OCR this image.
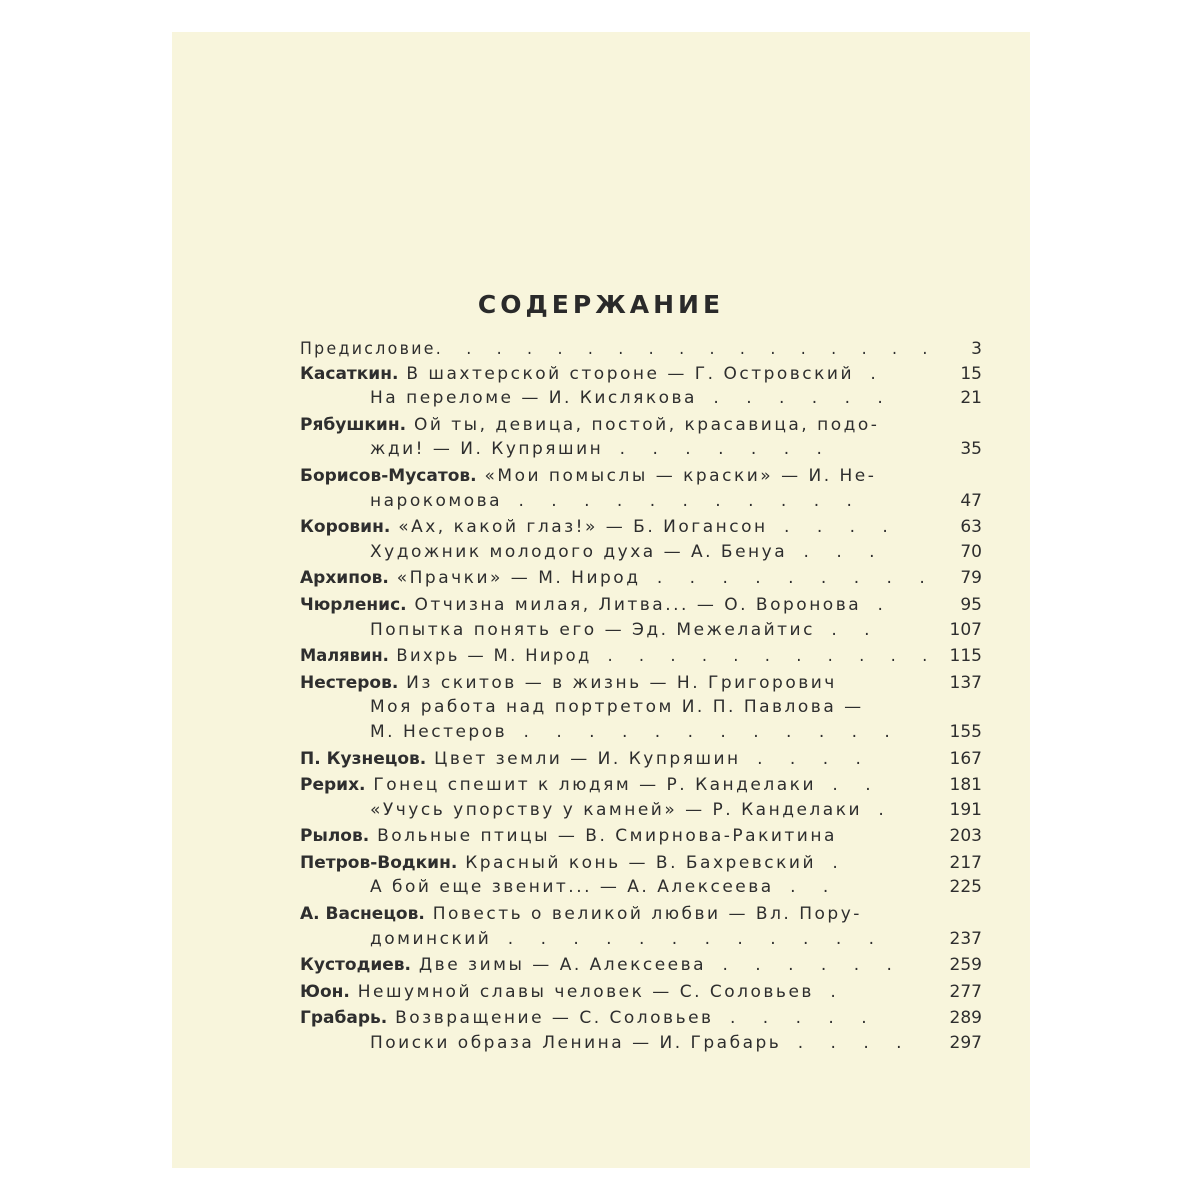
СОДЕРЖАНИЕ
Предисловие. . . . . . . . . . . . . . . . . 3
Касаткин. В шахтерской стороне — Г. Островский .	15
На переломе — И. Кислякова . . . . . .	21
Рябушкин. Ой ты, девица, постой, красавица, подо-
жди! — И. Купряшин . . . . . . .	35
Борисов-Мусатов. «Мои помыслы — краски» — И. Не-
нарокомова . . . . . . . . . . .	47
Коровин. «Ах, какой глаз!» — Б. Иогансон . . . .	63
Художник молодого духа — А. Бенуа . . .	70
Архипов. «Прачки» — М. Нирод . . . . . . . . . 79
Чюрленис. Отчизна милая, Литва... — О. Воронова .	95
Попытка понять его — Эд. Межелайтис . .	107
Малявин. Вихрь — М. Нирод . . . . . . . . . . . 115
Нестеров. Из скитов — в жизнь — Н. Григорович	137
Моя работа над портретом И. П. Павлова —
М. Нестеров . . . . . . . . . . . .	155
П. Кузнецов. Цвет земли — И. Купряшин . . . .	167
Рерих. Гонец спешит к людям — Р. Канделаки . .	181
«Учусь упорству у камней» — Р. Канделаки .	191
Рылов. Вольные птицы — В. Смирнова-Ракитина	203
Петров-Водкин. Красный конь — В. Бахревский .	217
А бой еще звенит... — А. Алексеева . .	225
А. Васнецов. Повесть о великой любви — Вл. Пору-
доминский . . . . . . . . . . . .	237
Кустодиев. Две зимы — А. Алексеева . . . . . .	259
Юон. Нешумной славы человек — С. Соловьев .	277
Грабарь. Возвращение — С. Соловьев . . . . .	289
Поиски образа Ленина — И. Грабарь . . . . 297
